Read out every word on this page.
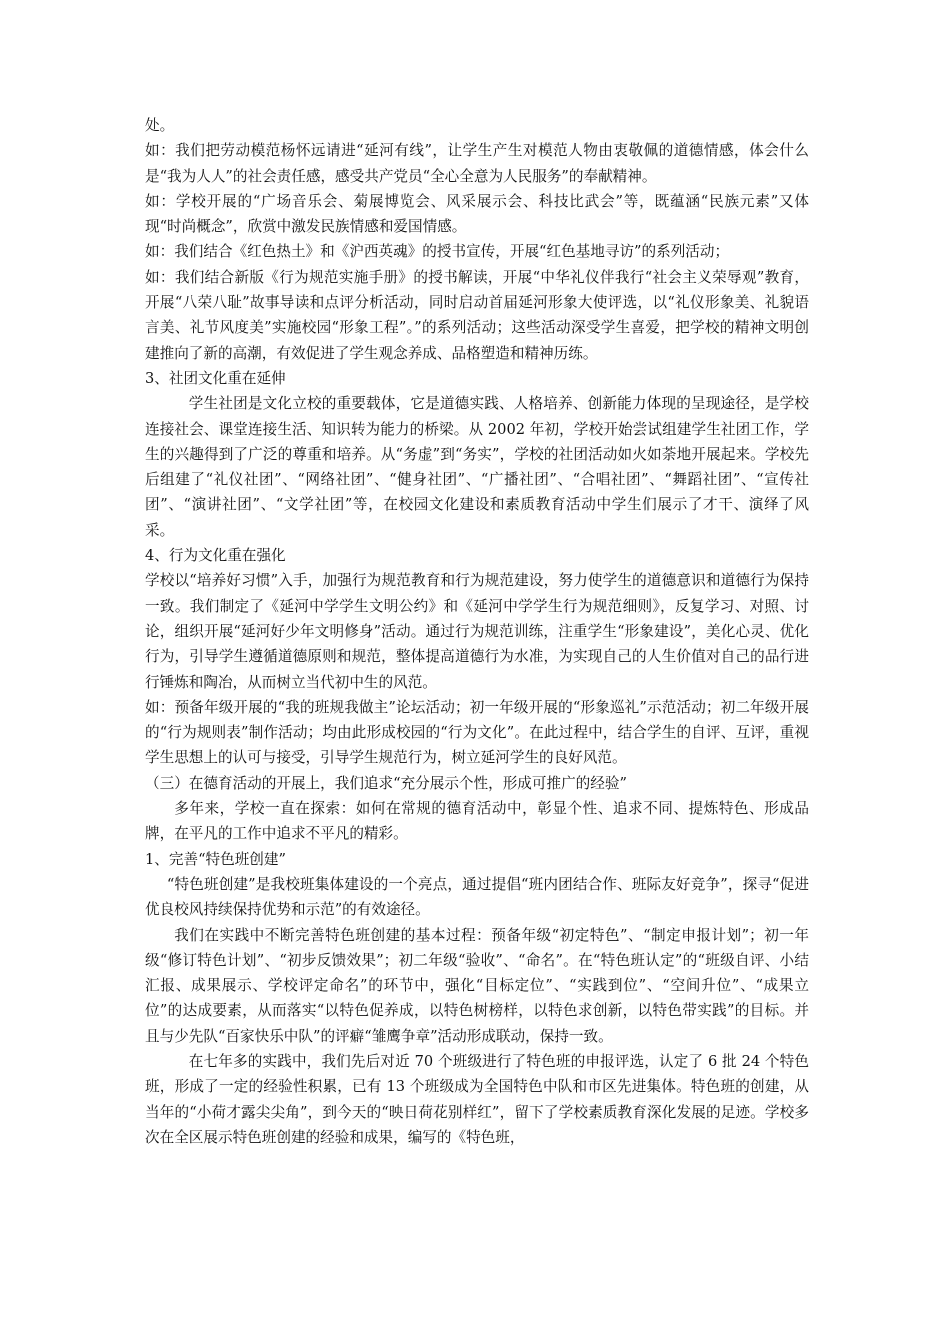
处。

如：我们把劳动模范杨怀远请进“延河有线”，让学生产生对模范人物由衷敬佩的道德情感，体会什么是“我为人人”的社会责任感，感受共产党员“全心全意为人民服务”的奉献精神。

如：学校开展的“广场音乐会、菊展博览会、风采展示会、科技比武会”等，既蕴涵“民族元素”又体现“时尚概念”，欣赏中激发民族情感和爱国情感。

如：我们结合《红色热土》和《沪西英魂》的授书宣传，开展“红色基地寻访”的系列活动；

如：我们结合新版《行为规范实施手册》的授书解读，开展“中华礼仪伴我行“社会主义荣辱观”教育，开展“八荣八耻”故事导读和点评分析活动，同时启动首届延河形象大使评选，以“礼仪形象美、礼貌语言美、礼节风度美”实施校园“形象工程”。”的系列活动；这些活动深受学生喜爱，把学校的精神文明创建推向了新的高潮，有效促进了学生观念养成、品格塑造和精神历练。

3、社团文化重在延伸

学生社团是文化立校的重要载体，它是道德实践、人格培养、创新能力体现的呈现途径，是学校连接社会、课堂连接生活、知识转为能力的桥梁。从 2002 年初，学校开始尝试组建学生社团工作，学生的兴趣得到了广泛的尊重和培养。从“务虚”到“务实”，学校的社团活动如火如荼地开展起来。学校先后组建了“礼仪社团”、“网络社团”、“健身社团”、“广播社团”、“合唱社团”、“舞蹈社团”、“宣传社团”、“演讲社团”、“文学社团”等，在校园文化建设和素质教育活动中学生们展示了才干、演绎了风采。

4、行为文化重在强化

学校以“培养好习惯”入手，加强行为规范教育和行为规范建设，努力使学生的道德意识和道德行为保持一致。我们制定了《延河中学学生文明公约》和《延河中学学生行为规范细则》，反复学习、对照、讨论，组织开展“延河好少年文明修身”活动。通过行为规范训练，注重学生“形象建设”，美化心灵、优化行为，引导学生遵循道德原则和规范，整体提高道德行为水准，为实现自己的人生价值对自己的品行进行锤炼和陶冶，从而树立当代初中生的风范。

如：预备年级开展的“我的班规我做主”论坛活动；初一年级开展的“形象巡礼”示范活动；初二年级开展的“行为规则表”制作活动；均由此形成校园的“行为文化”。在此过程中，结合学生的自评、互评，重视学生思想上的认可与接受，引导学生规范行为，树立延河学生的良好风范。

（三）在德育活动的开展上，我们追求“充分展示个性，形成可推广的经验”

多年来，学校一直在探索：如何在常规的德育活动中，彰显个性、追求不同、提炼特色、形成品牌，在平凡的工作中追求不平凡的精彩。

1、完善“特色班创建”

“特色班创建”是我校班集体建设的一个亮点，通过提倡“班内团结合作、班际友好竞争”，探寻“促进优良校风持续保持优势和示范”的有效途径。

我们在实践中不断完善特色班创建的基本过程：预备年级“初定特色”、“制定申报计划”；初一年级“修订特色计划”、“初步反馈效果”；初二年级“验收”、“命名”。在“特色班认定”的“班级自评、小结汇报、成果展示、学校评定命名”的环节中，强化“目标定位”、“实践到位”、“空间升位”、“成果立位”的达成要素，从而落实“以特色促养成，以特色树榜样，以特色求创新，以特色带实践”的目标。并且与少先队“百家快乐中队”的评癖“雏鹰争章”活动形成联动，保持一致。

在七年多的实践中，我们先后对近 70 个班级进行了特色班的申报评选，认定了 6 批 24 个特色班，形成了一定的经验性积累，已有 13 个班级成为全国特色中队和市区先进集体。特色班的创建，从当年的“小荷才露尖尖角”，到今天的“映日荷花别样红”，留下了学校素质教育深化发展的足迹。学校多次在全区展示特色班创建的经验和成果，编写的《特色班，
